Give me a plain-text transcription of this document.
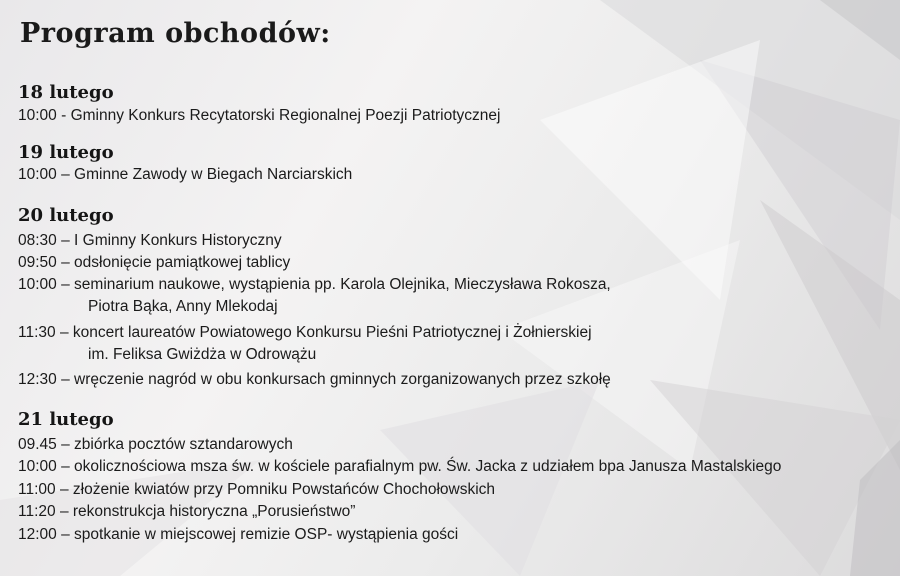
Program obchodów:
18 lutego
10:00 - Gminny Konkurs Recytatorski Regionalnej Poezji Patriotycznej
19 lutego
10:00 – Gminne Zawody w Biegach Narciarskich
20 lutego
08:30 – I Gminny Konkurs Historyczny
09:50 – odsłonięcie pamiątkowej tablicy
10:00 – seminarium naukowe, wystąpienia pp. Karola Olejnika, Mieczysława Rokosza,
Piotra Bąka, Anny Mlekodaj
11:30 – koncert laureatów Powiatowego Konkursu Pieśni Patriotycznej i Żołnierskiej
im. Feliksa Gwiżdża w Odrowążu
12:30 – wręczenie nagród w obu konkursach gminnych zorganizowanych przez szkołę
21 lutego
09.45 – zbiórka pocztów sztandarowych
10:00 – okolicznościowa msza św. w kościele parafialnym pw. Św. Jacka z udziałem bpa Janusza Mastalskiego
11:00 – złożenie kwiatów przy Pomniku Powstańców Chochołowskich
11:20 – rekonstrukcja historyczna „Porusieństwo”
12:00 – spotkanie w miejscowej remizie OSP- wystąpienia gości
